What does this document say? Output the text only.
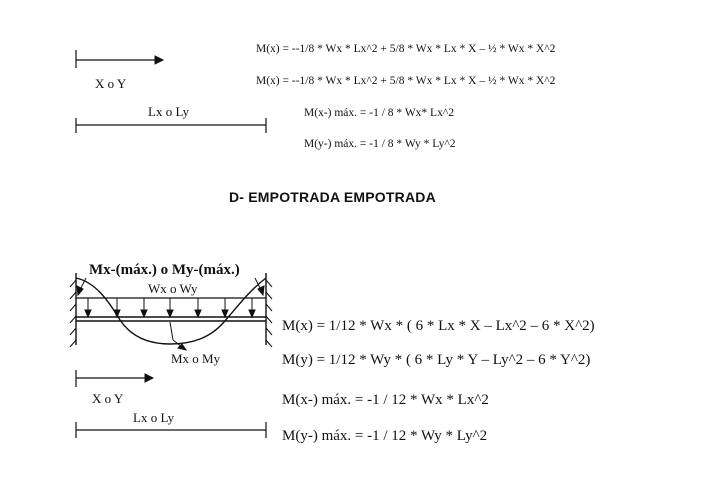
X o Y
Lx o Ly
M(x) = --1/8 * Wx * Lx^2 + 5/8 * Wx * Lx * X – ½ * Wx * X^2
M(x) = --1/8 * Wx * Lx^2 + 5/8 * Wx * Lx * X – ½ * Wx * X^2
M(x-) máx. = -1 / 8 * Wx* Lx^2
M(y-) máx. = -1 / 8 * Wy * Ly^2
D- EMPOTRADA EMPOTRADA
Mx-(máx.) o My-(máx.)
Wx o Wy
Mx o My
X o Y
Lx o Ly
M(x) = 1/12 * Wx * ( 6 * Lx * X – Lx^2 – 6 * X^2)
M(y) = 1/12 * Wy * ( 6 * Ly * Y – Ly^2 – 6 * Y^2)
M(x-) máx. = -1 / 12 * Wx * Lx^2
M(y-) máx. = -1 / 12 * Wy * Ly^2
